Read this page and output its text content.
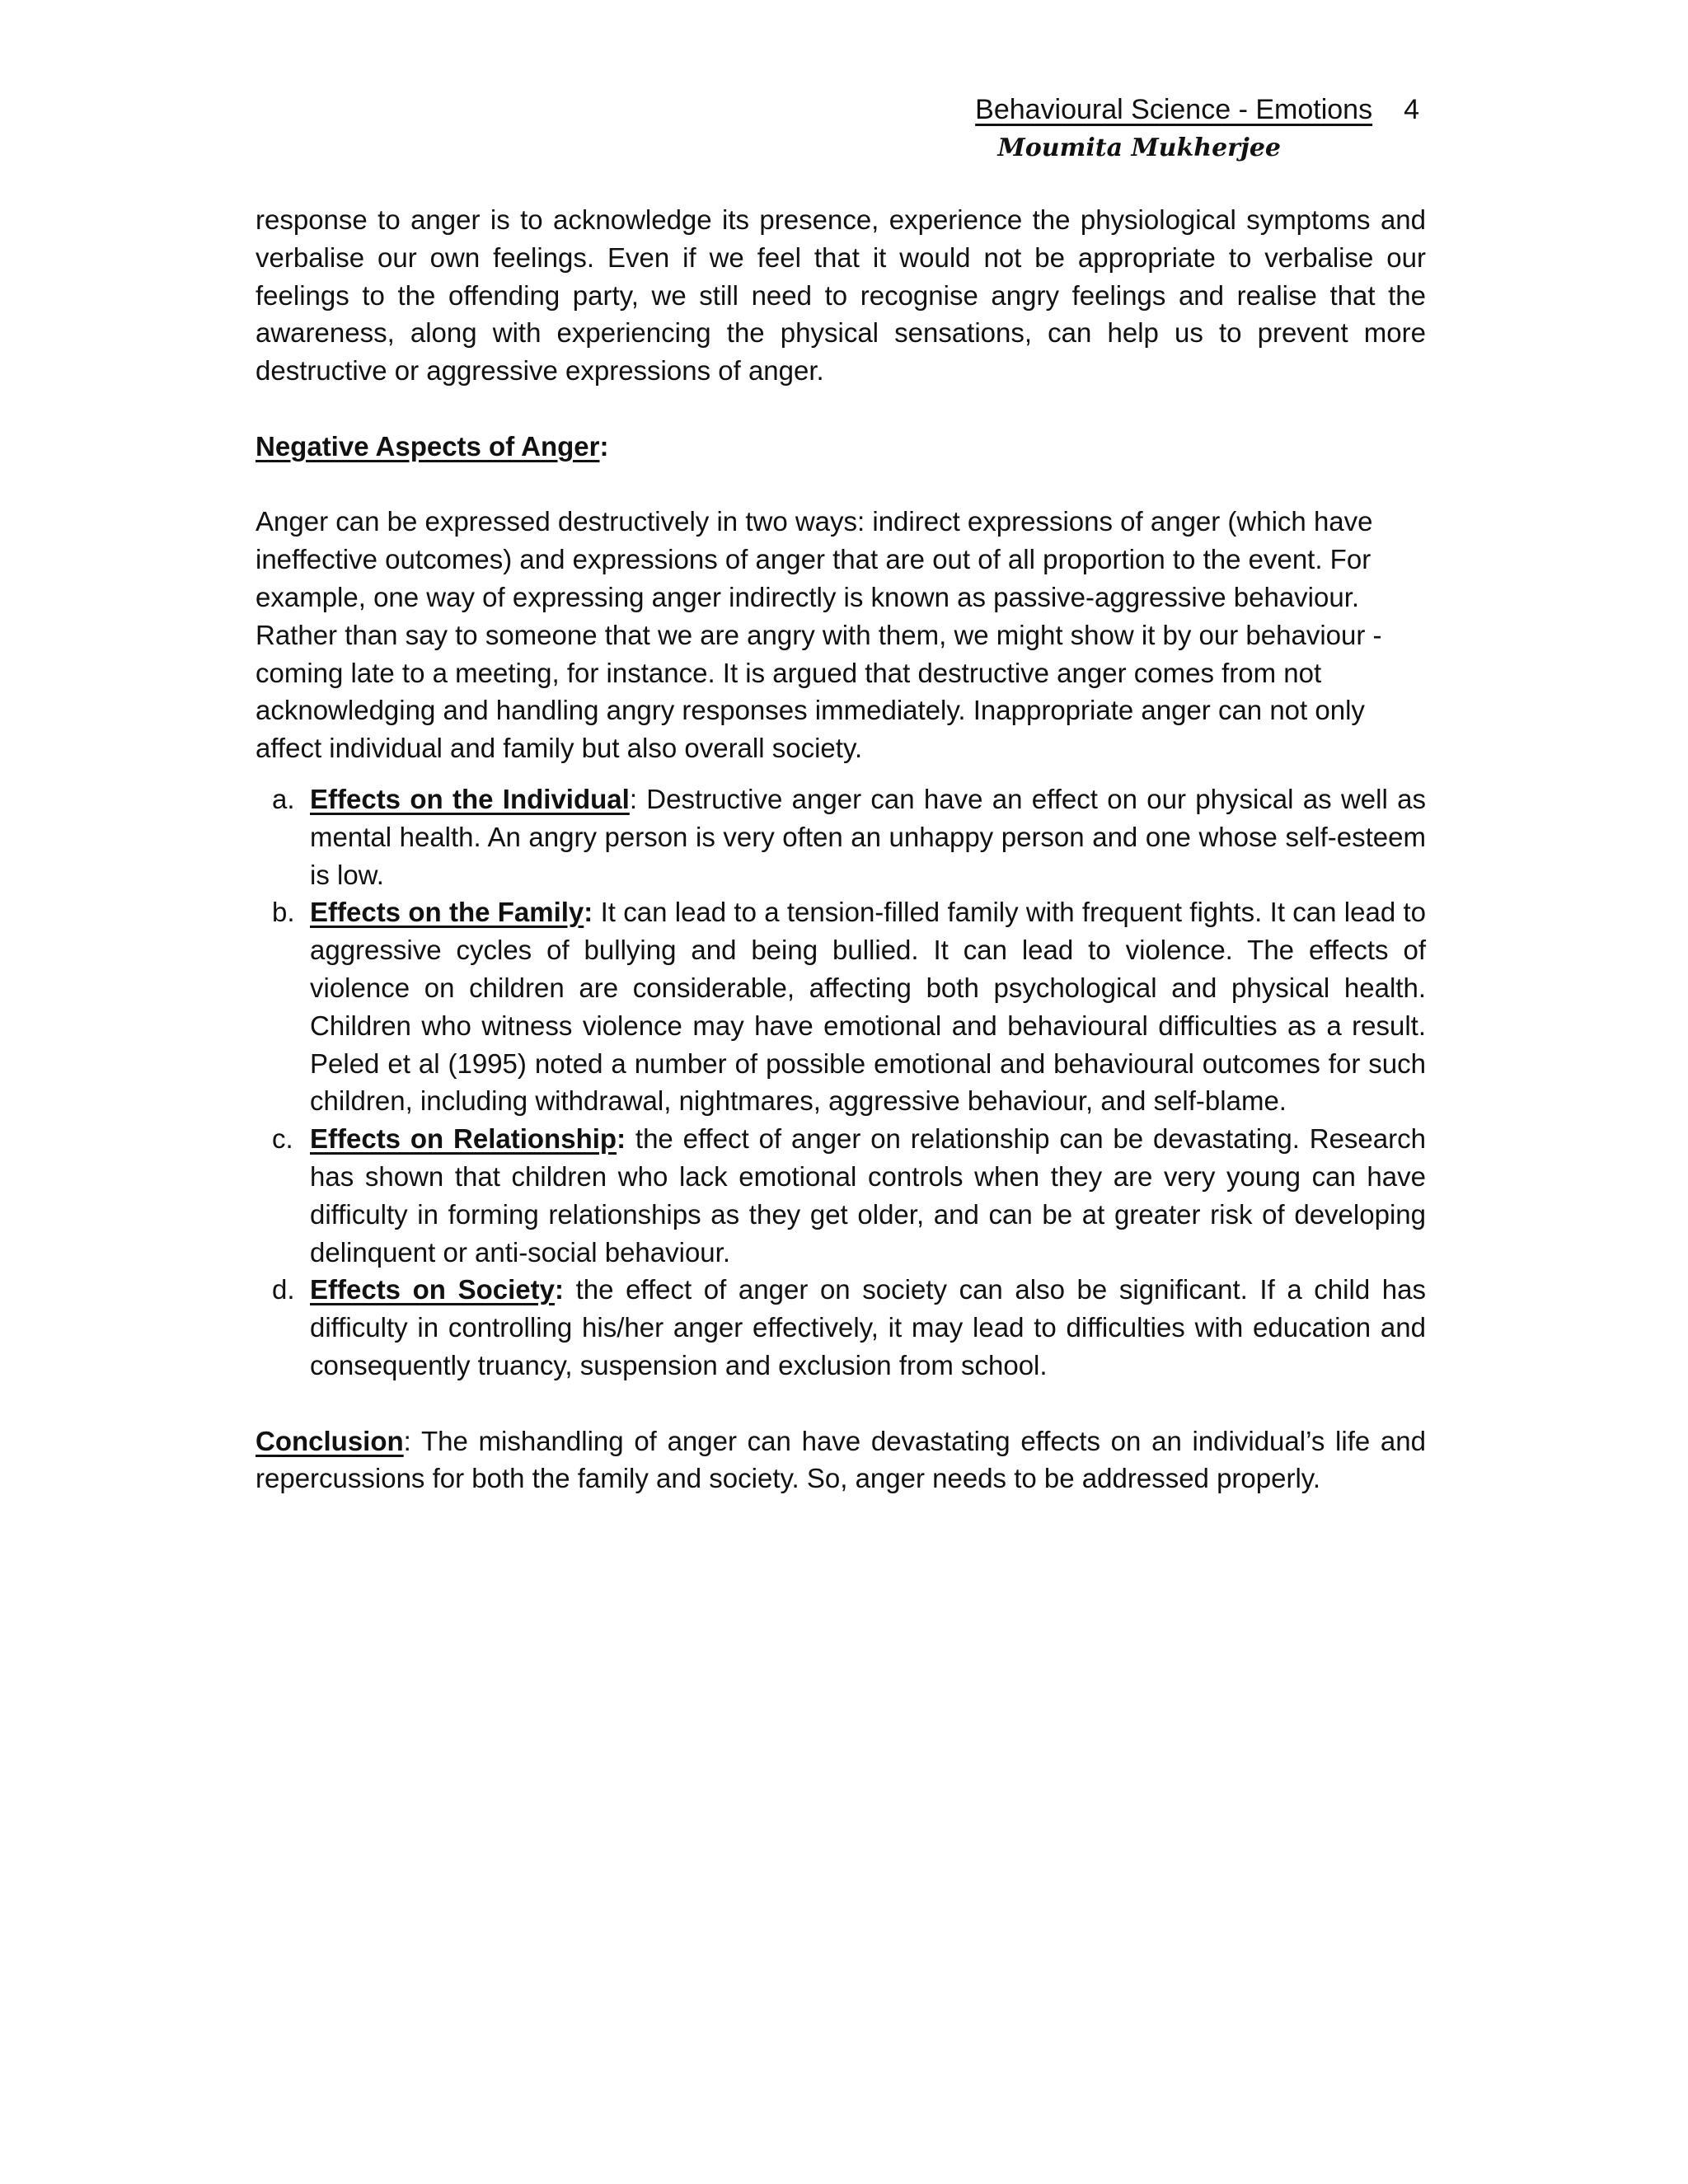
Behavioural Science - Emotions 4
Moumita Mukherjee

response to anger is to acknowledge its presence, experience the physiological symptoms and verbalise our own feelings. Even if we feel that it would not be appropriate to verbalise our feelings to the offending party, we still need to recognise angry feelings and realise that the awareness, along with experiencing the physical sensations, can help us to prevent more destructive or aggressive expressions of anger.

Negative Aspects of Anger:

Anger can be expressed destructively in two ways: indirect expressions of anger (which have ineffective outcomes) and expressions of anger that are out of all proportion to the event. For example, one way of expressing anger indirectly is known as passive-aggressive behaviour. Rather than say to someone that we are angry with them, we might show it by our behaviour - coming late to a meeting, for instance. It is argued that destructive anger comes from not acknowledging and handling angry responses immediately. Inappropriate anger can not only affect individual and family but also overall society.

a. Effects on the Individual: Destructive anger can have an effect on our physical as well as mental health. An angry person is very often an unhappy person and one whose self-esteem is low.
b. Effects on the Family: It can lead to a tension-filled family with frequent fights. It can lead to aggressive cycles of bullying and being bullied. It can lead to violence. The effects of violence on children are considerable, affecting both psychological and physical health. Children who witness violence may have emotional and behavioural difficulties as a result. Peled et al (1995) noted a number of possible emotional and behavioural outcomes for such children, including withdrawal, nightmares, aggressive behaviour, and self-blame.
c. Effects on Relationship: the effect of anger on relationship can be devastating. Research has shown that children who lack emotional controls when they are very young can have difficulty in forming relationships as they get older, and can be at greater risk of developing delinquent or anti-social behaviour.
d. Effects on Society: the effect of anger on society can also be significant. If a child has difficulty in controlling his/her anger effectively, it may lead to difficulties with education and consequently truancy, suspension and exclusion from school.

Conclusion: The mishandling of anger can have devastating effects on an individual’s life and repercussions for both the family and society. So, anger needs to be addressed properly.
